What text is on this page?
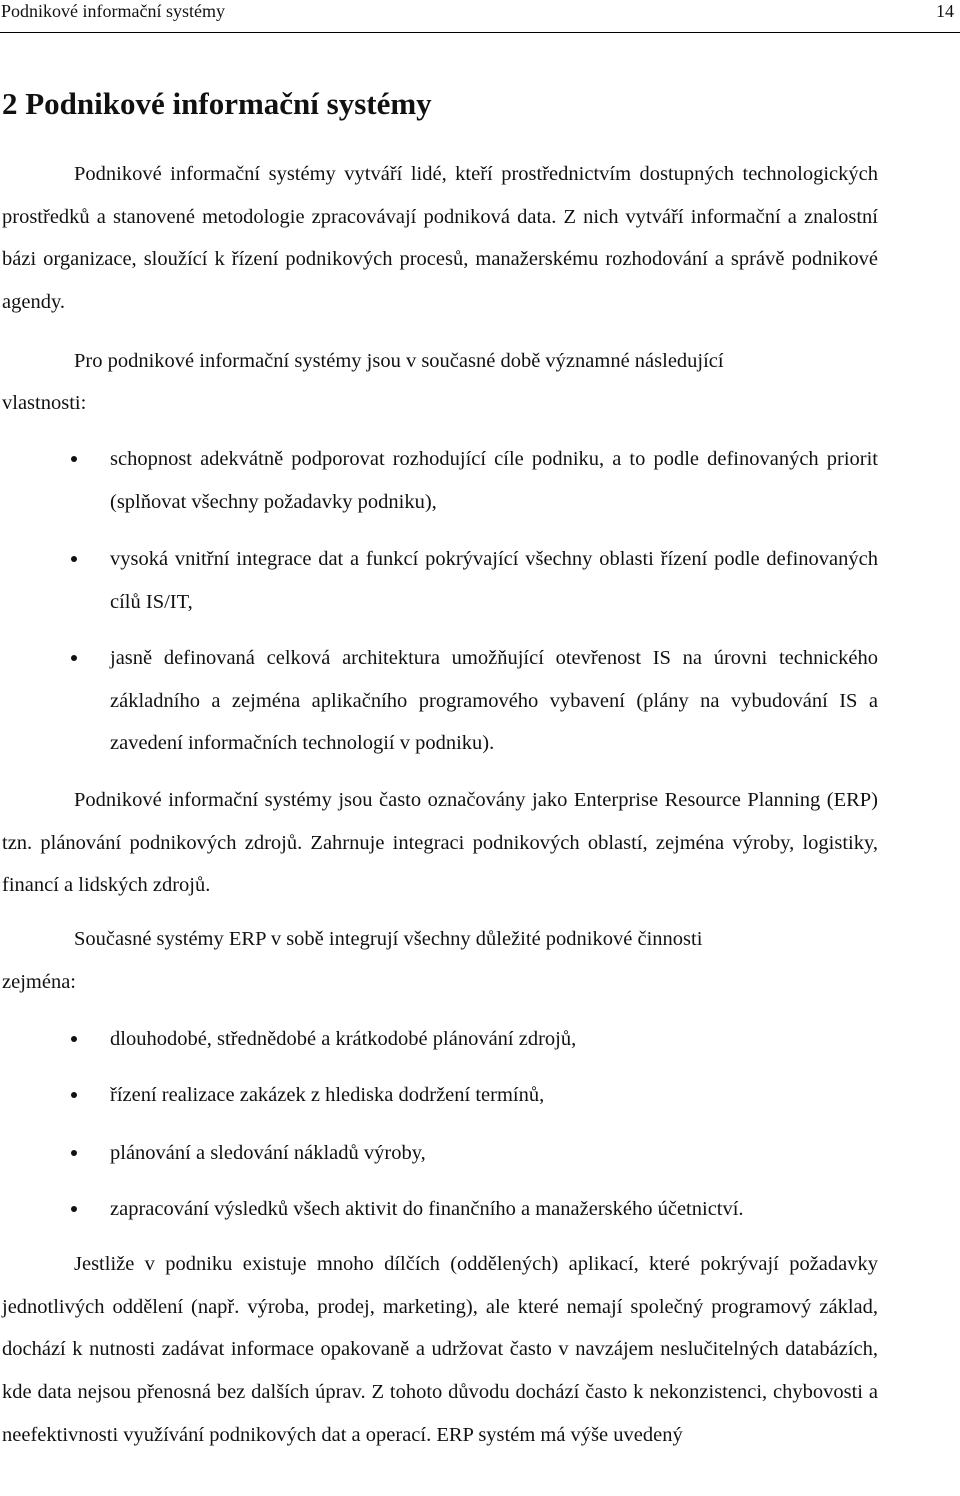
Podnikové informační systémy	14
2 Podnikové informační systémy

Podnikové informační systémy vytváří lidé, kteří prostřednictvím dostupných technologických prostředků a stanovené metodologie zpracovávají podniková data. Z nich vytváří informační a znalostní bázi organizace, sloužící k řízení podnikových procesů, manažerskému rozhodování a správě podnikové agendy.

Pro podnikové informační systémy jsou v současné době významné následující

vlastnosti:

schopnost adekvátně podporovat rozhodující cíle podniku, a to podle definovaných priorit (splňovat všechny požadavky podniku),

vysoká vnitřní integrace dat a funkcí pokrývající všechny oblasti řízení podle definovaných cílů IS/IT,

jasně definovaná celková architektura umožňující otevřenost IS na úrovni technického základního a zejména aplikačního programového vybavení (plány na vybudování IS a zavedení informačních technologií v podniku).

Podnikové informační systémy jsou často označovány jako Enterprise Resource Planning (ERP) tzn. plánování podnikových zdrojů. Zahrnuje integraci podnikových oblastí, zejména výroby, logistiky, financí a lidských zdrojů.

Současné systémy ERP v sobě integrují všechny důležité podnikové činnosti

zejména:

dlouhodobé, střednědobé a krátkodobé plánování zdrojů,

řízení realizace zakázek z hlediska dodržení termínů,

plánování a sledování nákladů výroby,

zapracování výsledků všech aktivit do finančního a manažerského účetnictví.

Jestliže v podniku existuje mnoho dílčích (oddělených) aplikací, které pokrývají požadavky jednotlivých oddělení (např. výroba, prodej, marketing), ale které nemají společný programový základ, dochází k nutnosti zadávat informace opakovaně a udržovat často v navzájem neslučitelných databázích, kde data nejsou přenosná bez dalších úprav. Z tohoto důvodu dochází často k nekonzistenci, chybovosti a neefektivnosti využívání podnikových dat a operací. ERP systém má výše uvedený
